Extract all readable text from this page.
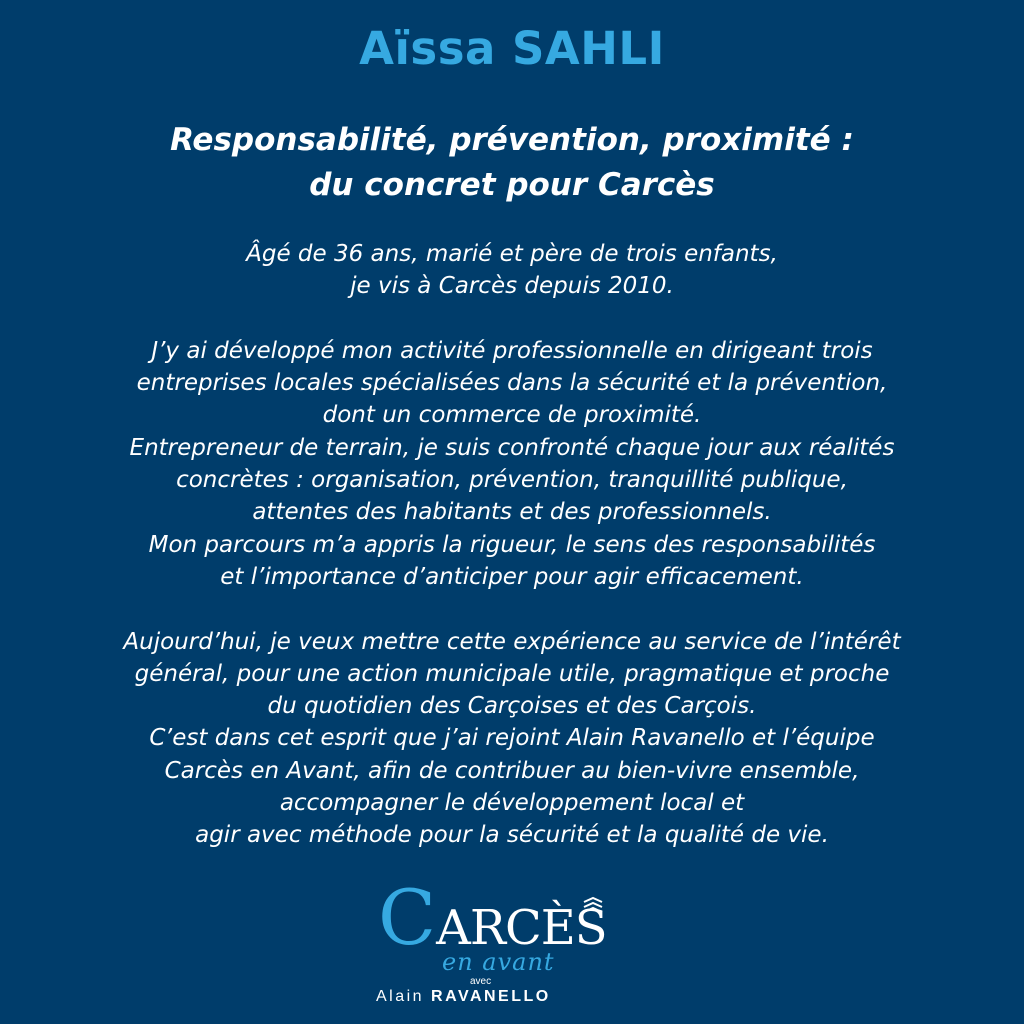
Aïssa SAHLI
Responsabilité, prévention, proximité :
du concret pour Carcès
Âgé de 36 ans, marié et père de trois enfants,
je vis à Carcès depuis 2010.
J’y ai développé mon activité professionnelle en dirigeant trois
entreprises locales spécialisées dans la sécurité et la prévention,
dont un commerce de proximité.
Entrepreneur de terrain, je suis confronté chaque jour aux réalités
concrètes : organisation, prévention, tranquillité publique,
attentes des habitants et des professionnels.
Mon parcours m’a appris la rigueur, le sens des responsabilités
et l’importance d’anticiper pour agir efficacement.
Aujourd’hui, je veux mettre cette expérience au service de l’intérêt
général, pour une action municipale utile, pragmatique et proche
du quotidien des Carçoises et des Carçois.
C’est dans cet esprit que j’ai rejoint Alain Ravanello et l’équipe
Carcès en Avant, afin de contribuer au bien-vivre ensemble,
accompagner le développement local et
agir avec méthode pour la sécurité et la qualité de vie.
CARCÈS
en avant
avec
Alain RAVANELLO
